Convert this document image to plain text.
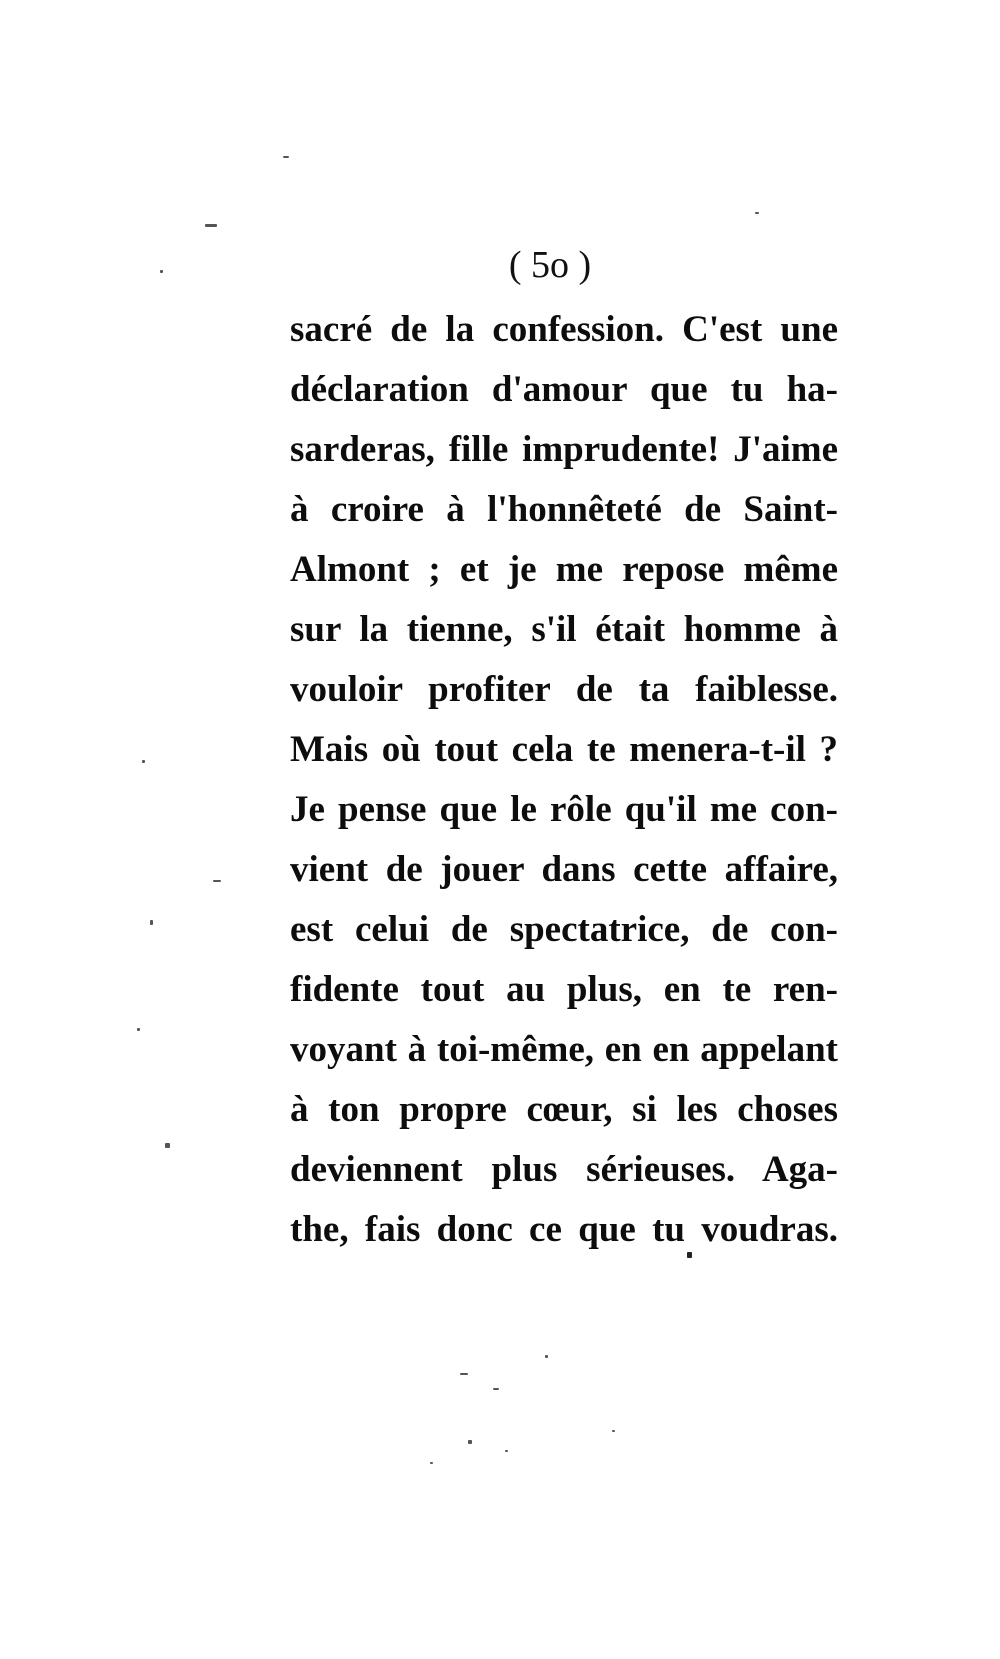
( 5o )
sacré de la confession. C'est une
déclaration d'amour que tu ha-
sarderas, fille imprudente! J'aime
à croire à l'honnêteté de Saint-
Almont ; et je me repose même
sur la tienne, s'il était homme à
vouloir profiter de ta faiblesse.
Mais où tout cela te menera-t-il ?
Je pense que le rôle qu'il me con-
vient de jouer dans cette affaire,
est celui de spectatrice, de con-
fidente tout au plus, en te ren-
voyant à toi-même, en en appelant
à ton propre cœur, si les choses
deviennent plus sérieuses. Aga-
the, fais donc ce que tu voudras.
